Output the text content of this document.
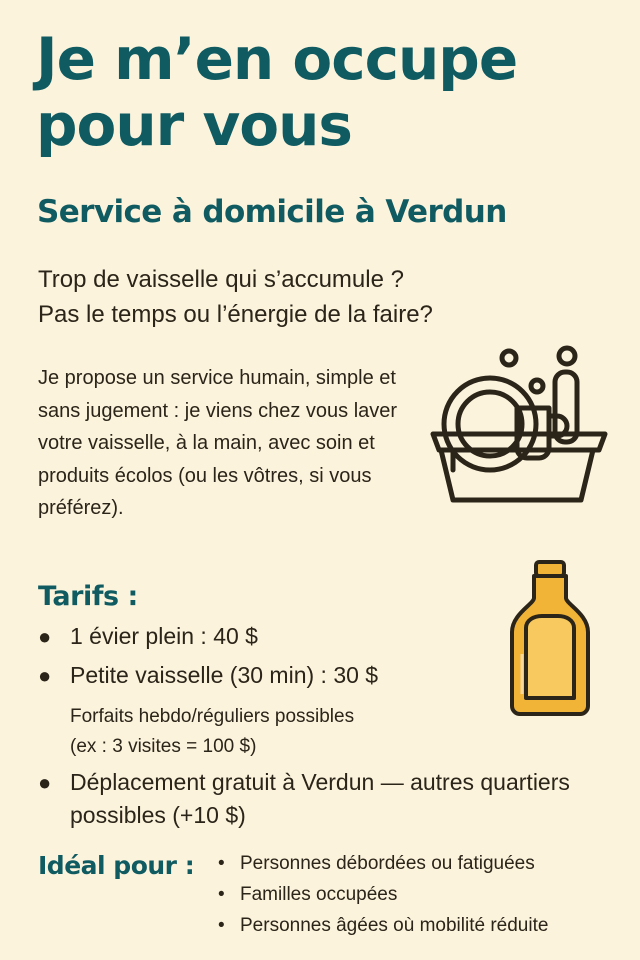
Je m’en occupe pour vous
Service à domicile à Verdun
Trop de vaisselle qui s’accumule ?
Pas le temps ou l’énergie de la faire?

Je propose un service humain, simple et sans jugement : je viens chez vous laver votre vaisselle, à la main, avec soin et produits écolos (ou les vôtres, si vous préférez).

Tarifs :
● 1 évier plein : 40 $
● Petite vaisselle (30 min) : 30 $
Forfaits hebdo/réguliers possibles
(ex : 3 visites = 100 $)
● Déplacement gratuit à Verdun — autres quartiers possibles (+10 $)
Idéal pour : • Personnes débordées ou fatiguées
• Familles occupées
• Personnes âgées où mobilité réduite
